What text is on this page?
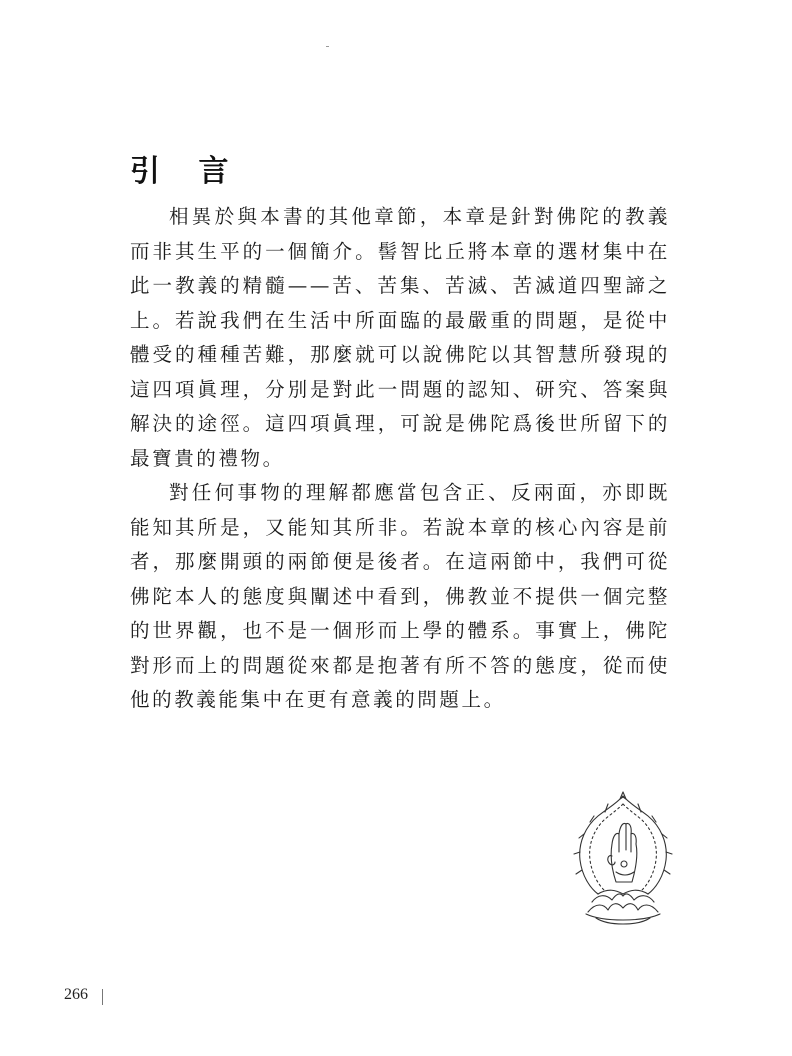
引 言

相異於與本書的其他章節，本章是針對佛陀的教義而非其生平的一個簡介。髻智比丘將本章的選材集中在此一教義的精髓——苦、苦集、苦滅、苦滅道四聖諦之上。若說我們在生活中所面臨的最嚴重的問題，是從中體受的種種苦難，那麼就可以說佛陀以其智慧所發現的這四項眞理，分別是對此一問題的認知、研究、答案與解決的途徑。這四項眞理，可說是佛陀爲後世所留下的最寶貴的禮物。

對任何事物的理解都應當包含正、反兩面，亦即既能知其所是，又能知其所非。若說本章的核心內容是前者，那麼開頭的兩節便是後者。在這兩節中，我們可從佛陀本人的態度與闡述中看到，佛教並不提供一個完整的世界觀，也不是一個形而上學的體系。事實上，佛陀對形而上的問題從來都是抱著有所不答的態度，從而使他的教義能集中在更有意義的問題上。

266
